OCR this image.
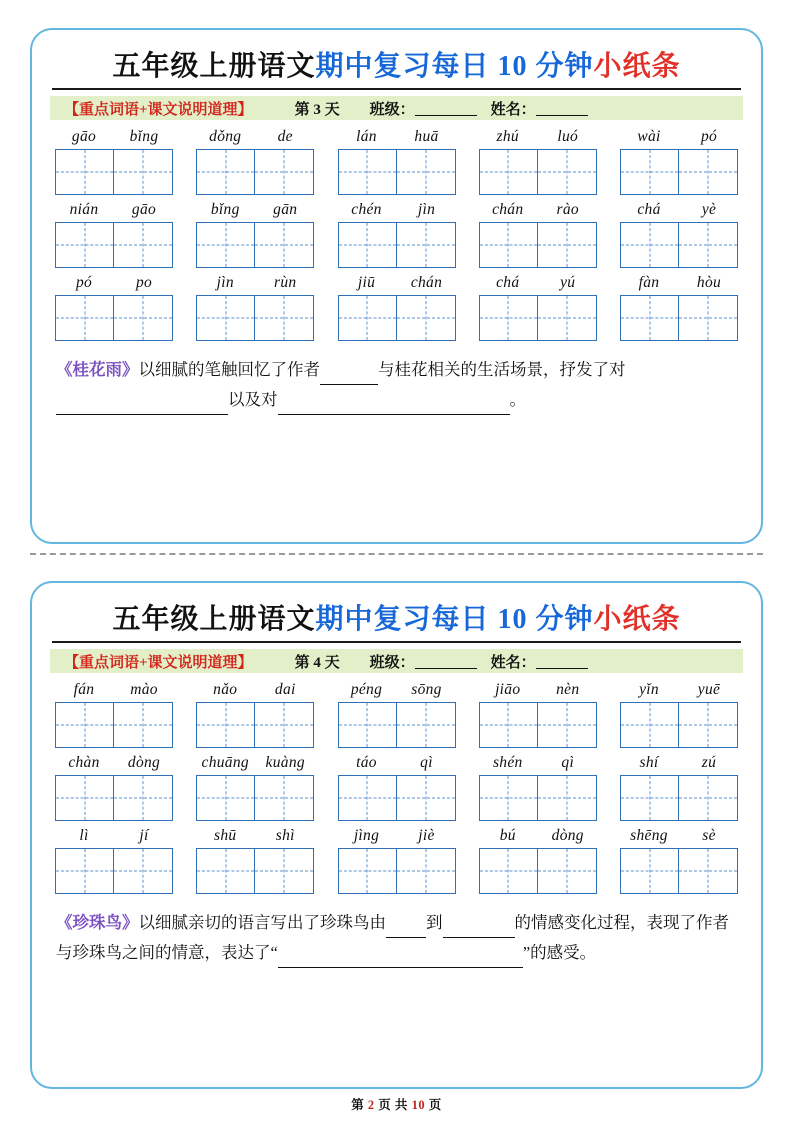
五年级上册语文 期中复习每日 10 分钟 小纸条
【重点词语+课文说明道理】	第 3 天 班级：	姓名：
gāo	bǐng	dǒng	de	lán	huā	zhú	luó	wài	pó
nián	gāo	bǐng	gān	chén	jìn	chán	rào	chá	yè
pó	po	jìn	rùn	jiū	chán	chá	yú	fàn	hòu
《桂花雨》以细腻的笔触回忆了作者	与桂花相关的生活场景，抒发了对以及对	。
五年级上册语文 期中复习每日 10 分钟 小纸条
【重点词语+课文说明道理】	第 4 天 班级：	姓名：
fán	mào	nǎo	dai	péng	sōng	jiāo	nèn	yǐn	yuē
chàn	dòng	chuāng	kuàng	táo	qì	shén	qì	shí	zú
lì	jí	shū	shì	jìng	jiè	bú	dòng	shēng	sè
《珍珠鸟》以细腻亲切的语言写出了珍珠鸟由 到	的情感变化过程，表现了作者与珍珠鸟之间的情意，表达了“	”的感受。
第 2 页 共 10 页
